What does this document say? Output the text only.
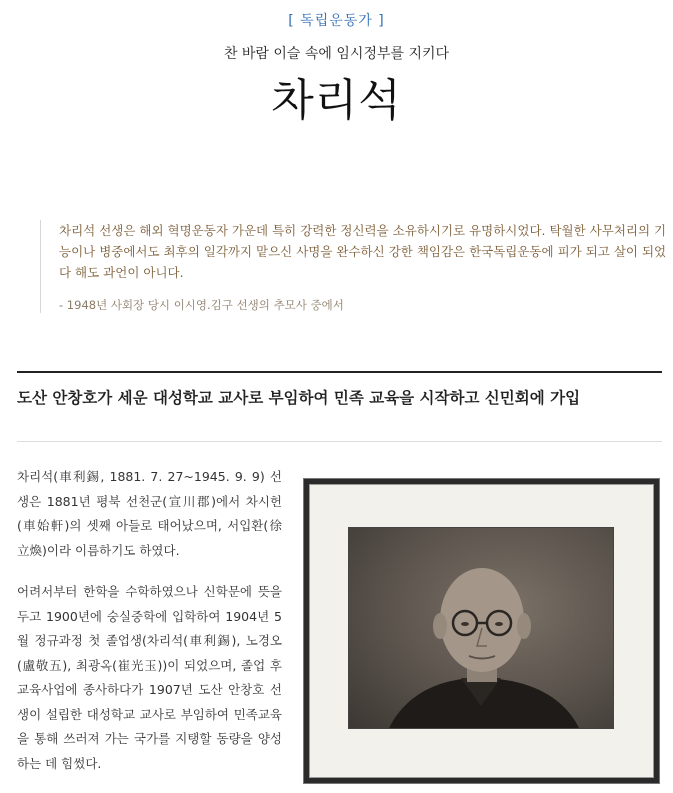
[ 독립운동가 ]
찬 바람 이슬 속에 임시정부를 지키다
차리석

차리석 선생은 해외 혁명운동자 가운데 특히 강력한 정신력을 소유하시기로 유명하시었다. 탁월한 사무처리의 기능이나 병중에서도 최후의 일각까지 맡으신 사명을 완수하신 강한 책임감은 한국독립운동에 피가 되고 살이 되었다 해도 과언이 아니다.

- 1948년 사회장 당시 이시영.김구 선생의 추모사 중에서
도산 안창호가 세운 대성학교 교사로 부임하여 민족 교육을 시작하고 신민회에 가입

차리석(車利錫, 1881. 7. 27~1945. 9. 9) 선생은 1881년 평북 선천군(宣川郡)에서 차시헌(車始軒)의 셋째 아들로 태어났으며, 서입환(徐立煥)이라 이름하기도 하였다.

어려서부터 한학을 수학하였으나 신학문에 뜻을 두고 1900년에 숭실중학에 입학하여 1904년 5월 정규과정 첫 졸업생(차리석(車利錫), 노경오(盧敬五), 최광옥(崔光玉))이 되었으며, 졸업 후 교육사업에 종사하다가 1907년 도산 안창호 선생이 설립한 대성학교 교사로 부임하여 민족교육을 통해 쓰러져 가는 국가를 지탱할 동량을 양성하는 데 힘썼다.
